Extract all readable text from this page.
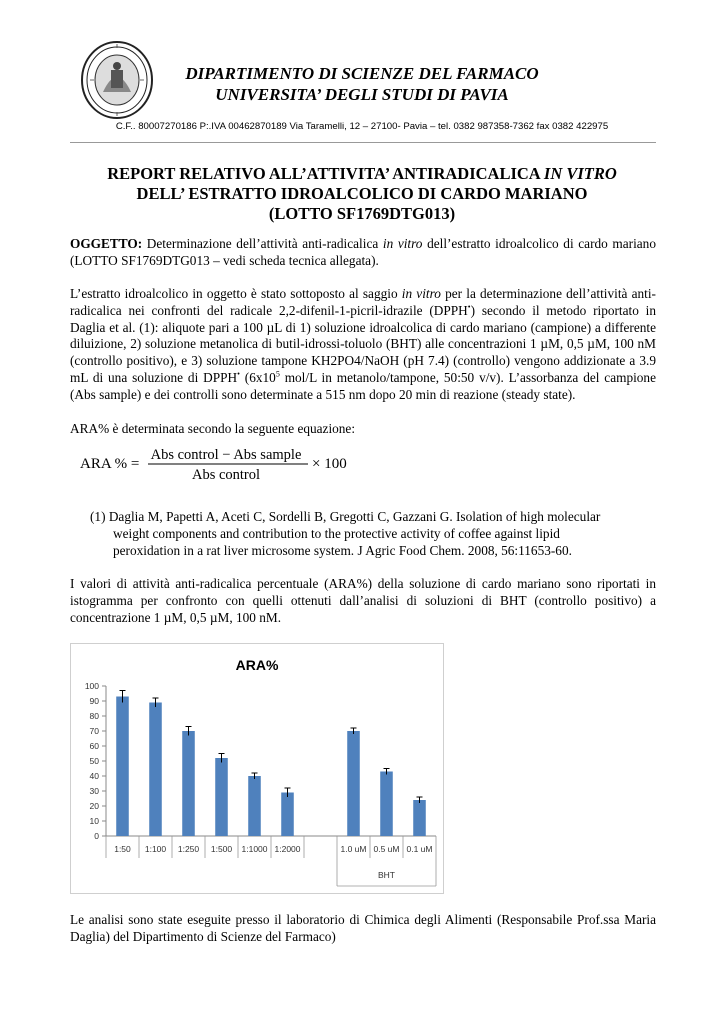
DIPARTIMENTO DI SCIENZE DEL FARMACO
UNIVERSITA’ DEGLI STUDI DI PAVIA
C.F.. 80007270186 P:.IVA 00462870189 Via Taramelli, 12 – 27100- Pavia – tel. 0382 987358-7362 fax 0382 422975
REPORT RELATIVO ALL’ATTIVITA’ ANTIRADICALICA IN VITRO
DELL’ ESTRATTO IDROALCOLICO DI CARDO MARIANO
(LOTTO SF1769DTG013)
OGGETTO: Determinazione dell’attività anti-radicalica in vitro dell’estratto idroalcolico di cardo mariano (LOTTO SF1769DTG013 – vedi scheda tecnica allegata).
L’estratto idroalcolico in oggetto è stato sottoposto al saggio in vitro per la determinazione dell’attività anti-radicalica nei confronti del radicale 2,2-difenil-1-picril-idrazile (DPPH•) secondo il metodo riportato in Daglia et al. (1): aliquote pari a 100 µL di 1) soluzione idroalcolica di cardo mariano (campione) a differente diluizione, 2) soluzione metanolica di butil-idrossi-toluolo (BHT) alle concentrazioni 1 µM, 0,5 µM, 100 nM (controllo positivo), e 3) soluzione tampone KH2PO4/NaOH (pH 7.4) (controllo) vengono addizionate a 3.9 mL di una soluzione di DPPH• ($6x10^5$ mol/L in metanolo/tampone, 50:50 v/v). L’assorbanza del campione (Abs sample) e dei controlli sono determinate a 515 nm dopo 20 min di reazione (steady state).
ARA% è determinata secondo la seguente equazione:
ARA % =
Abs control − Abs sample
Abs control
× 100
(1) Daglia M, Papetti A, Aceti C, Sordelli B, Gregotti C, Gazzani G. Isolation of high molecular
weight components and contribution to the protective activity of coffee against lipid
peroxidation in a rat liver microsome system. J Agric Food Chem. 2008, 56:11653-60.
I valori di attività anti-radicalica percentuale (ARA%) della soluzione di cardo mariano sono riportati in istogramma per confronto con quelli ottenuti dall’analisi di soluzioni di BHT (controllo positivo) a concentrazione 1 µM, 0,5 µM, 100 nM.
ARA%
0
10
20
30
40
50
60
70
80
90
100
1:50 1:100 1:250 1:500 1:1000 1:2000	1.0 uM 0.5 uM 0.1 uM
BHT
Le analisi sono state eseguite presso il laboratorio di Chimica degli Alimenti (Responsabile Prof.ssa Maria Daglia) del Dipartimento di Scienze del Farmaco)
